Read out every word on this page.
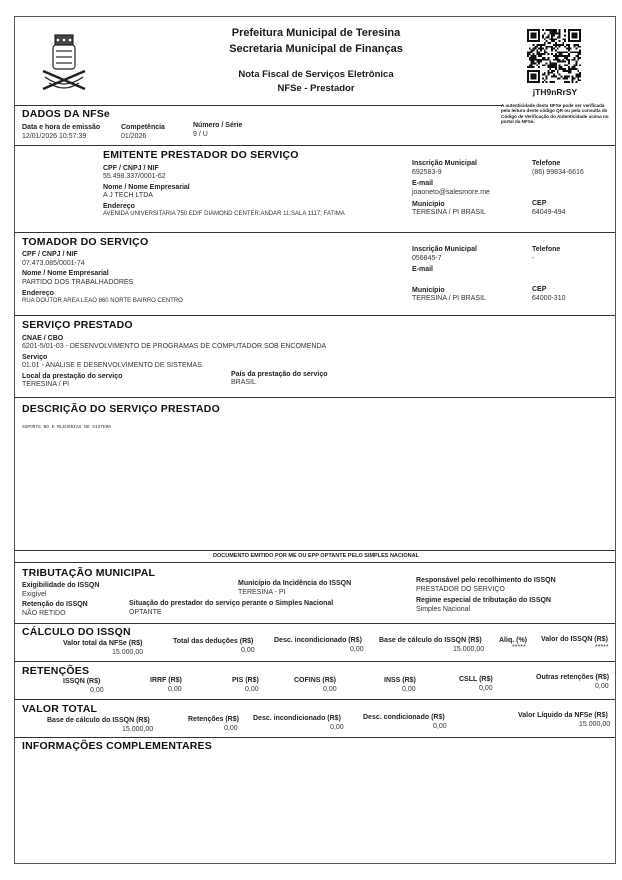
Prefeitura Municipal de Teresina
Secretaria Municipal de Finanças
Nota Fiscal de Serviços Eletrônica
NFSe - Prestador	jTH9nRrSY
A autenticidade desta NFSe pode ser verificada pela leitura deste código QR ou pela consulta do Código de Verificação do Autenticidade acima no portal da NFSe.
DADOS DA NFSe
Data e hora de emissão
12/01/2026 10:57:39
Competência
01/2026
Número / Série
9 / U
EMITENTE PRESTADOR DO SERVIÇO
CPF / CNPJ / NIF
55.498.337/0001-62
Nome / Nome Empresarial
A J TECH LTDA
Endereço
AVENIDA UNIVERSITARIA 750 EDIF DIAMOND CENTER;ANDAR 11;SALA 1117; FATIMA
Inscrição Municipal
692583-9
E-mail
joaoneto@salesmore.me
Município
TERESINA / PI BRASIL
Telefone
(86) 99834-6616
CEP
64049-494
TOMADOR DO SERVIÇO
CPF / CNPJ / NIF
07.473.085/0001-74
Nome / Nome Empresarial
PARTIDO DOS TRABALHADORES
Endereço
RUA DOUTOR AREA LEAO 860 NORTE BAIRRO CENTRO
Inscrição Municipal
056845-7
E-mail
Município
TERESINA / PI BRASIL
Telefone
-
CEP
64000-310
SERVIÇO PRESTADO
CNAE / CBO
6201-5/01-03 - DESENVOLVIMENTO DE PROGRAMAS DE COMPUTADOR SOB ENCOMENDA
Serviço
01.01 - ANALISE E DESENVOLVIMENTO DE SISTEMAS.
Local da prestação do serviço
TERESINA / PI
País da prestação do serviço
BRASIL
DESCRIÇÃO DO SERVIÇO PRESTADO
SUPORTE NO E MLEHORIAS NO SISTEMA
DOCUMENTO EMITIDO POR ME OU EPP OPTANTE PELO SIMPLES NACIONAL
TRIBUTAÇÃO MUNICIPAL
Exigibilidade do ISSQN
Exigível
Retenção do ISSQN
NÃO RETIDO
Município da Incidência do ISSQN
TERESINA - PI
Situação do prestador do serviço perante o Simples Nacional
OPTANTE
Responsável pelo recolhimento do ISSQN
PRESTADOR DO SERVIÇO
Regime especial de tributação do ISSQN
Simples Nacional
CÁLCULO DO ISSQN
Valor total da NFSe (R$)
15.000,00
Total das deduções (R$)
0,00
Desc. incondicionado (R$)
0,00
Base de cálculo do ISSQN (R$)
15.000,00
Aliq. (%)
*****
Valor do ISSQN (R$)
*****
RETENÇÕES
ISSQN (R$)
0,00
IRRF (R$)
0,00
PIS (R$)
0,00
COFINS (R$)
0,00
INSS (R$)
0,00
CSLL (R$)
0,00
Outras retenções (R$)
0,00
VALOR TOTAL
Base de cálculo do ISSQN (R$)
15.000,00
Retenções (R$)
0,00
Desc. incondicionado (R$)
0,00
Desc. condicionado (R$)
0,00
Valor Líquido da NFSe (R$)
15.000,00
INFORMAÇÕES COMPLEMENTARES
